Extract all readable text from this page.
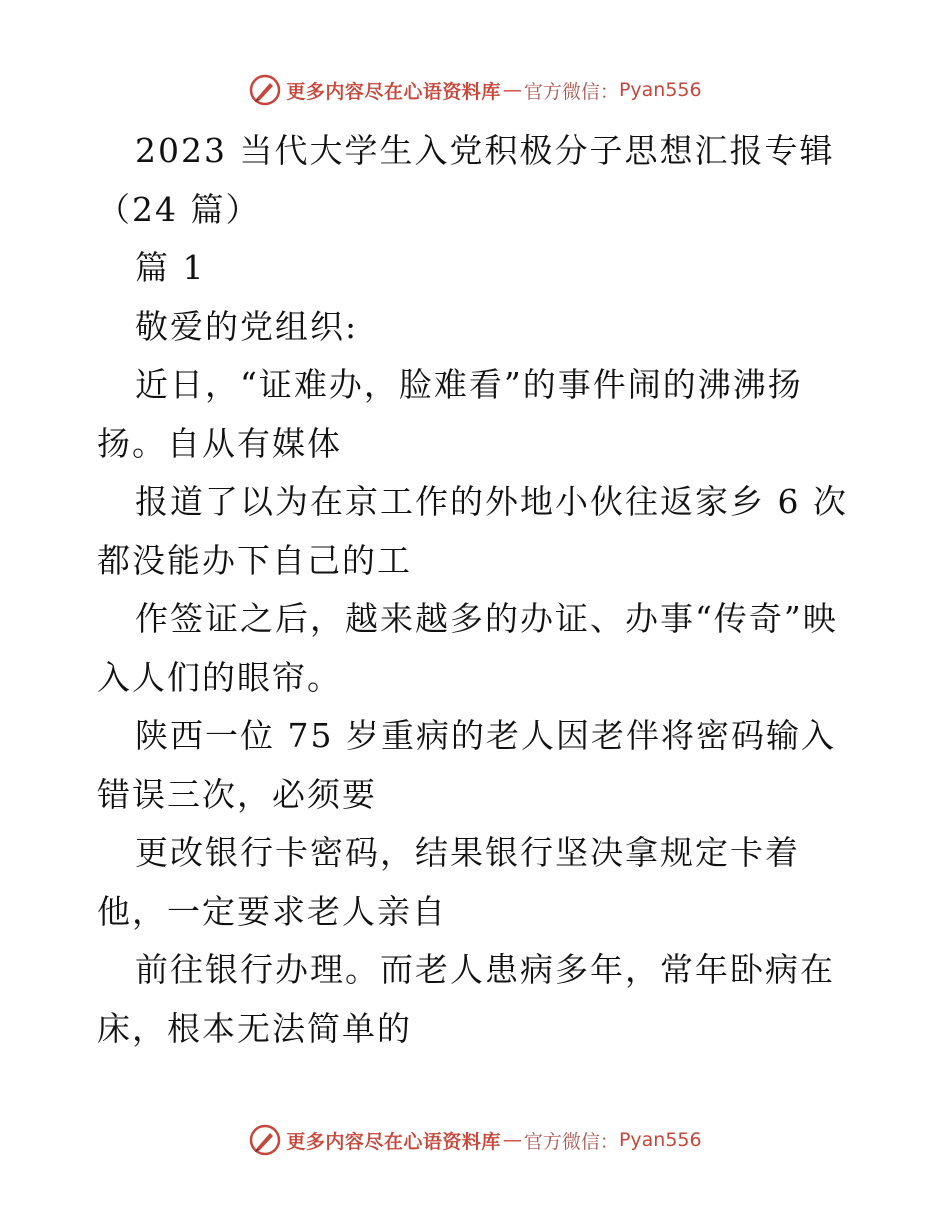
更多内容尽在心语资料库 — 官方微信： Pyan556

2023 当代大学生入党积极分子思想汇报专辑（24 篇）

篇 1

敬爱的党组织:

近日，“证难办，脸难看”的事件闹的沸沸扬扬。自从有媒体

报道了以为在京工作的外地小伙往返家乡 6 次都没能办下自己的工

作签证之后，越来越多的办证、办事“传奇”映入人们的眼帘。

陕西一位 75 岁重病的老人因老伴将密码输入错误三次，必须要

更改银行卡密码，结果银行坚决拿规定卡着他，一定要求老人亲自

前往银行办理。而老人患病多年，常年卧病在床，根本无法简单的

更多内容尽在心语资料库 — 官方微信： Pyan556
